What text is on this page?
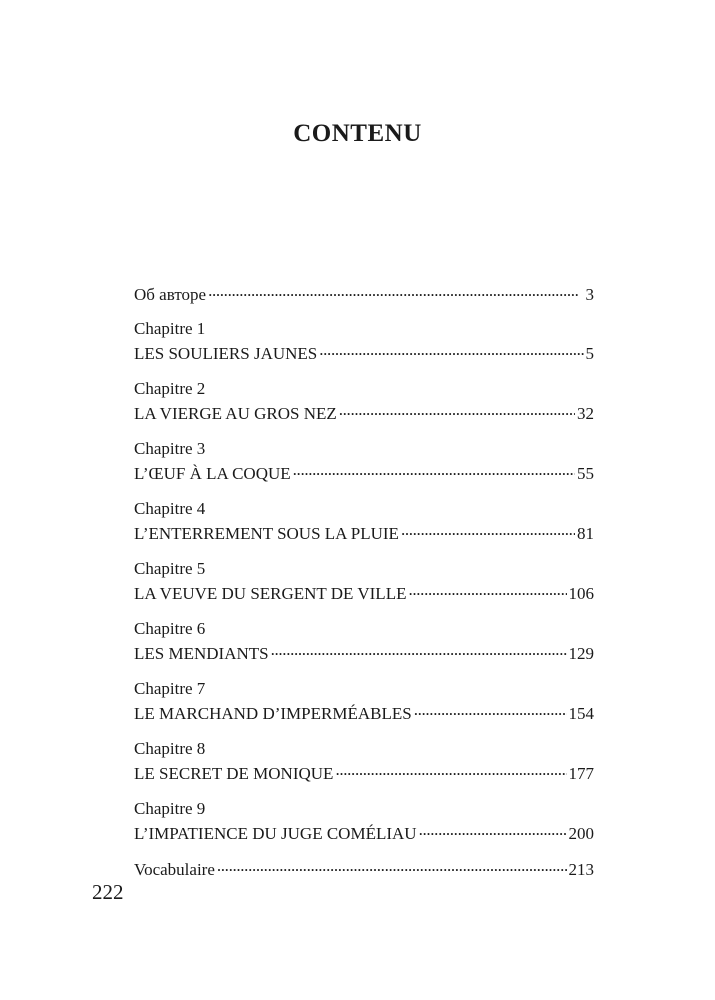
CONTENU
Об авторе . . .	3
Chapitre 1
LES SOULIERS JAUNES . . .	5
Chapitre 2
LA VIERGE AU GROS NEZ . . .	32
Chapitre 3
L’ŒUF À LA COQUE . . .	55
Chapitre 4
L’ENTERREMENT SOUS LA PLUIE . . .	81
Chapitre 5
LA VEUVE DU SERGENT DE VILLE . . .	106
Chapitre 6
LES MENDIANTS . . .	129
Chapitre 7
LE MARCHAND D’IMPERMÉABLES . . .	154
Chapitre 8
LE SECRET DE MONIQUE . . .	177
Chapitre 9
L’IMPATIENCE DU JUGE COMÉLIAU . . .	200
Vocabulaire . . .	213
222
